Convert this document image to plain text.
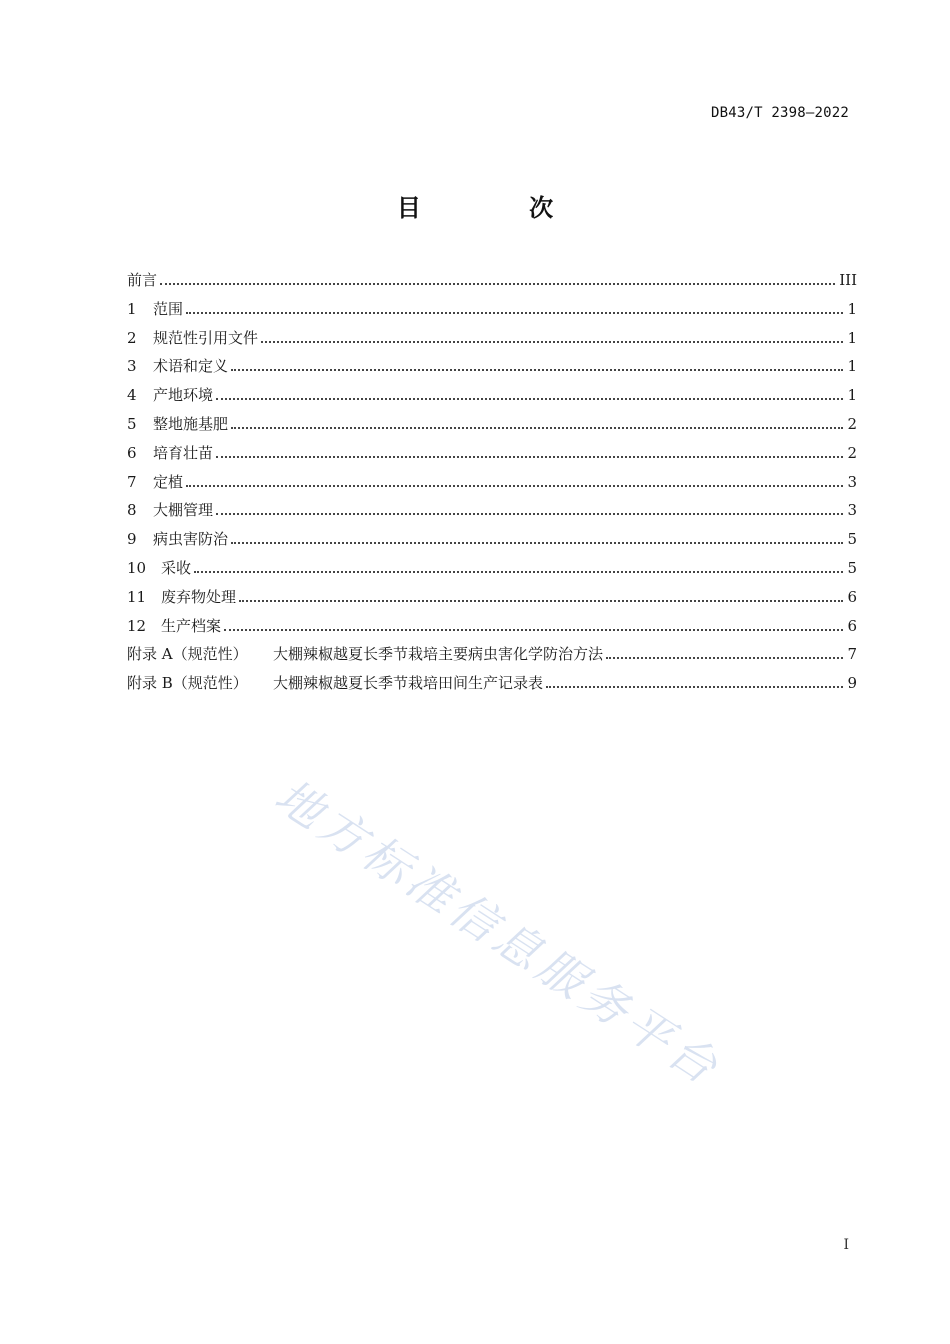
DB43/T 2398—2022
目 次
前言	III
1	范围	1
2	规范性引用文件	1
3	术语和定义	1
4	产地环境	1
5	整地施基肥	2
6	培育壮苗	2
7	定植	3
8	大棚管理	3
9	病虫害防治	5
10 采收	5
11 废弃物处理	6
12 生产档案	6
附录 A（规范性）	大棚辣椒越夏长季节栽培主要病虫害化学防治方法	7
附录 B（规范性）	大棚辣椒越夏长季节栽培田间生产记录表	9
地方标准信息服务平台
I
